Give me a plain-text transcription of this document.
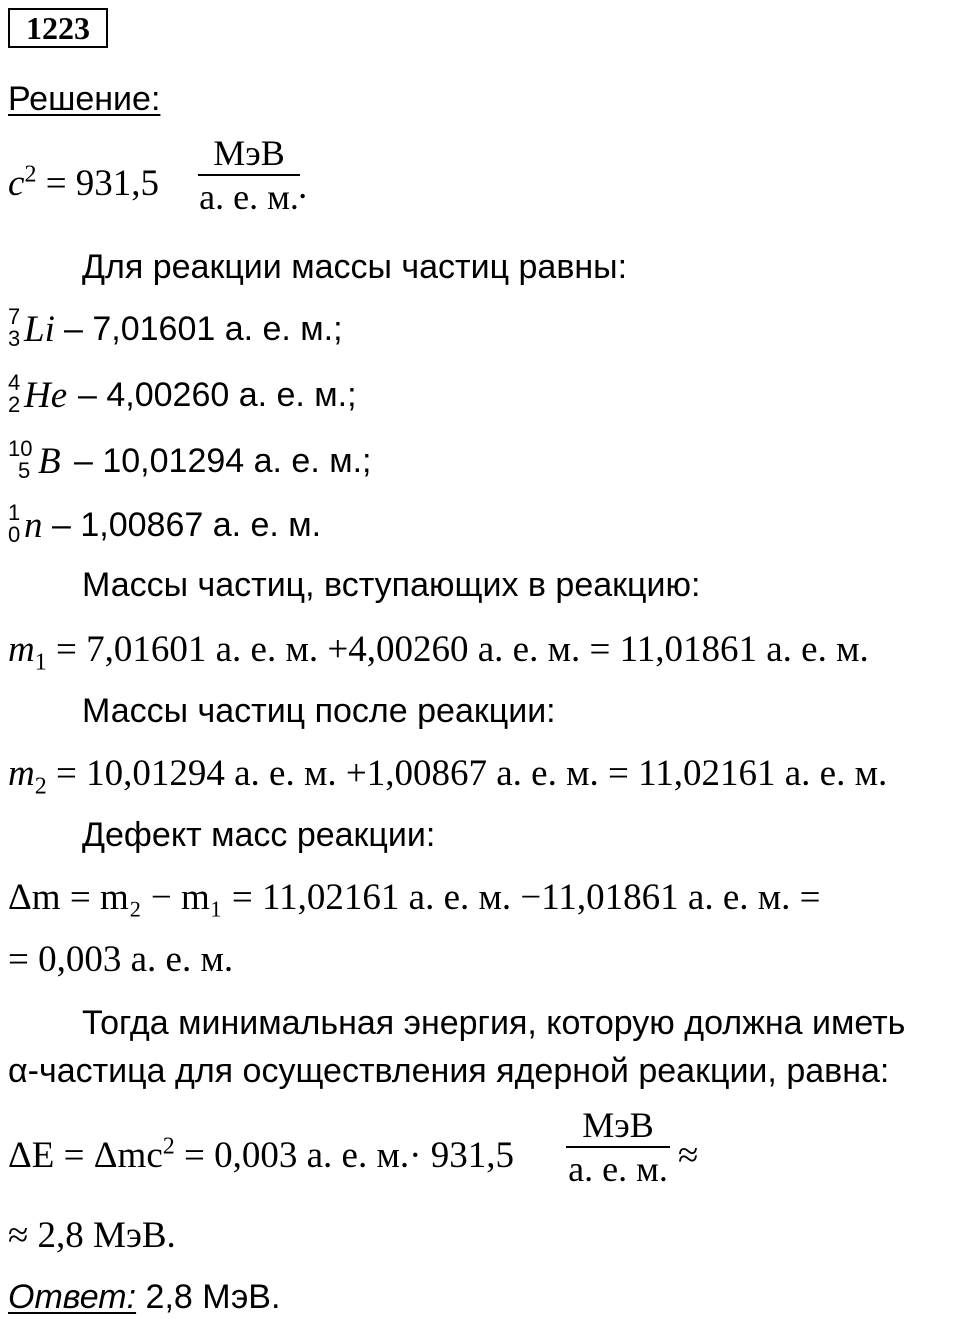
1223
Решение:
$c^2 = 931,5$
МэВ
а. е. м. .
Для реакции массы частиц равны:
7
3 Li – 7,01601 а. е. м.;
4
2 He – 4,00260 а. е. м.;
10
5 B – 10,01294 а. е. м.;
1
0 n – 1,00867 а. е. м.
Массы частиц, вступающих в реакцию:
$m_1 = 7,01601$ а. е. м. +4,00260 а. е. м. = 11,01861 а. е. м.
Массы частиц после реакции:
$m_2 = 10,01294$ а. е. м. +1,00867 а. е. м. = 11,02161 а. е. м.
Дефект масс реакции:
Δm = m₂ − m₁ = 11,02161 а. е. м. −11,01861 а. е. м. =
= 0,003 а. е. м.
Тогда минимальная энергия, которую должна иметь
α-частица для осуществления ядерной реакции, равна:
ΔE = Δmc$^2$ = 0,003 а. е. м.· 931,5
МэВ
а. е. м. ≈
≈ 2,8 МэВ.
Ответ: 2,8 МэВ.
